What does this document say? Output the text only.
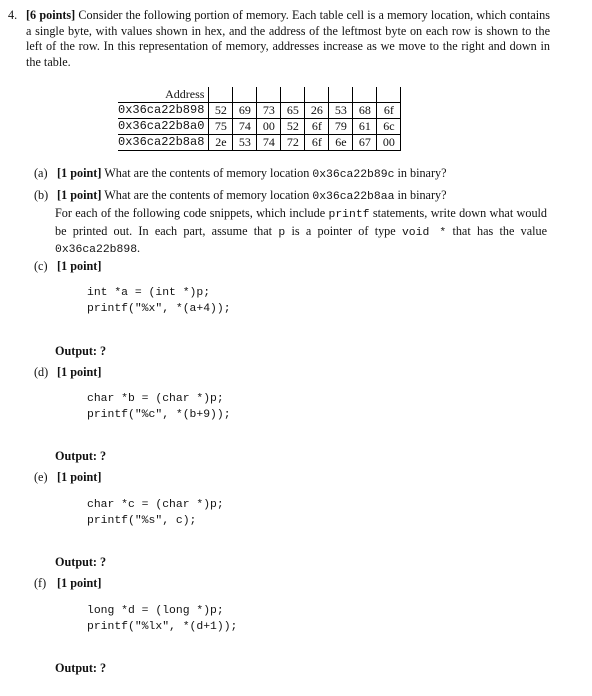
4. [6 points] Consider the following portion of memory. Each table cell is a memory location, which contains a single byte, with values shown in hex, and the address of the leftmost byte on each row is shown to the left of the row. In this representation of memory, addresses increase as we move to the right and down in the table.
Address								
0x36ca22b898	52	69	73	65	26	53	68	6f
0x36ca22b8a0	75	74	00	52	6f	79	61	6c
0x36ca22b8a8	2e	53	74	72	6f	6e	67	00
(a) [1 point] What are the contents of memory location 0x36ca22b89c in binary?
(b) [1 point] What are the contents of memory location 0x36ca22b8aa in binary?
For each of the following code snippets, which include printf statements, write down what would be printed out. In each part, assume that p is a pointer of type void * that has the value 0x36ca22b898.
(c) [1 point]
int *a = (int *)p;
printf("%x", *(a+4));
Output: ?
(d) [1 point]
char *b = (char *)p;
printf("%c", *(b+9));
Output: ?
(e) [1 point]
char *c = (char *)p;
printf("%s", c);
Output: ?
(f) [1 point]
long *d = (long *)p;
printf("%lx", *(d+1));
Output: ?
